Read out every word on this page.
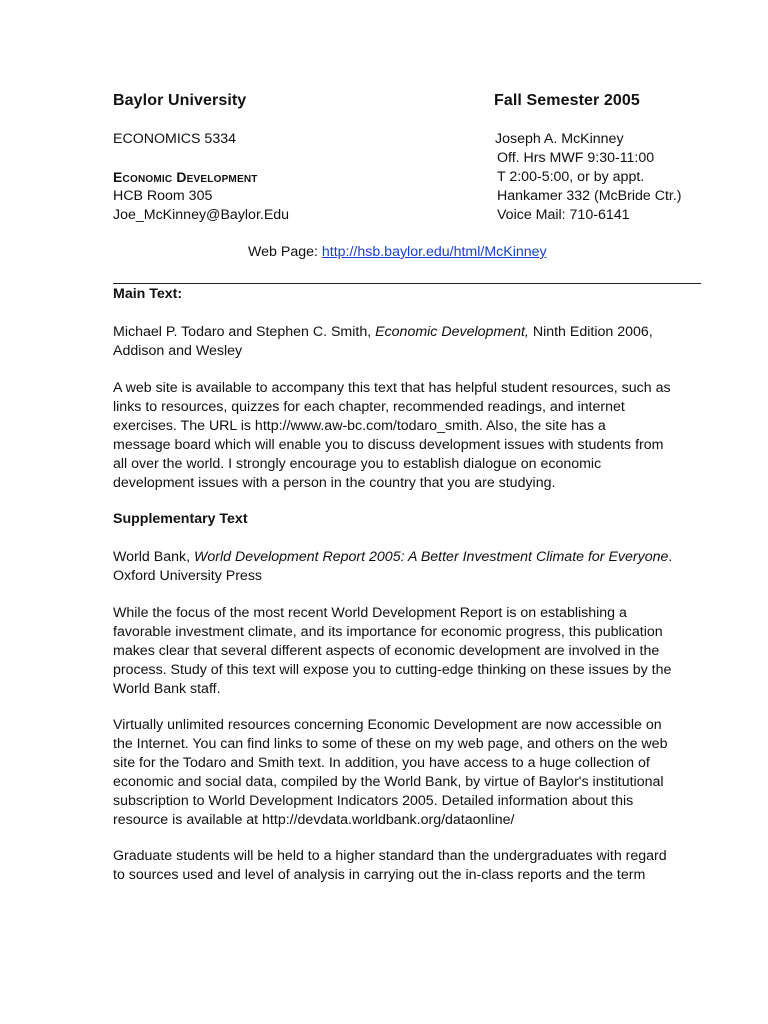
Baylor University
ECONOMICS 5334
Economic Development
HCB Room 305
Joe_McKinney@Baylor.Edu
Fall Semester 2005
Joseph A. McKinney
Off. Hrs MWF 9:30-11:00
T 2:00-5:00, or by appt.
Hankamer 332 (McBride Ctr.)
Voice Mail: 710-6141
Web Page: http://hsb.baylor.edu/html/McKinney
Main Text:
Michael P. Todaro and Stephen C. Smith, Economic Development, Ninth Edition 2006,
Addison and Wesley
A web site is available to accompany this text that has helpful student resources, such as
links to resources, quizzes for each chapter, recommended readings, and internet
exercises. The URL is http://www.aw-bc.com/todaro_smith. Also, the site has a
message board which will enable you to discuss development issues with students from
all over the world. I strongly encourage you to establish dialogue on economic
development issues with a person in the country that you are studying.
Supplementary Text
World Bank, World Development Report 2005: A Better Investment Climate for Everyone.
Oxford University Press
While the focus of the most recent World Development Report is on establishing a
favorable investment climate, and its importance for economic progress, this publication
makes clear that several different aspects of economic development are involved in the
process. Study of this text will expose you to cutting-edge thinking on these issues by the
World Bank staff.
Virtually unlimited resources concerning Economic Development are now accessible on
the Internet. You can find links to some of these on my web page, and others on the web
site for the Todaro and Smith text. In addition, you have access to a huge collection of
economic and social data, compiled by the World Bank, by virtue of Baylor's institutional
subscription to World Development Indicators 2005. Detailed information about this
resource is available at http://devdata.worldbank.org/dataonline/
Graduate students will be held to a higher standard than the undergraduates with regard
to sources used and level of analysis in carrying out the in-class reports and the term
